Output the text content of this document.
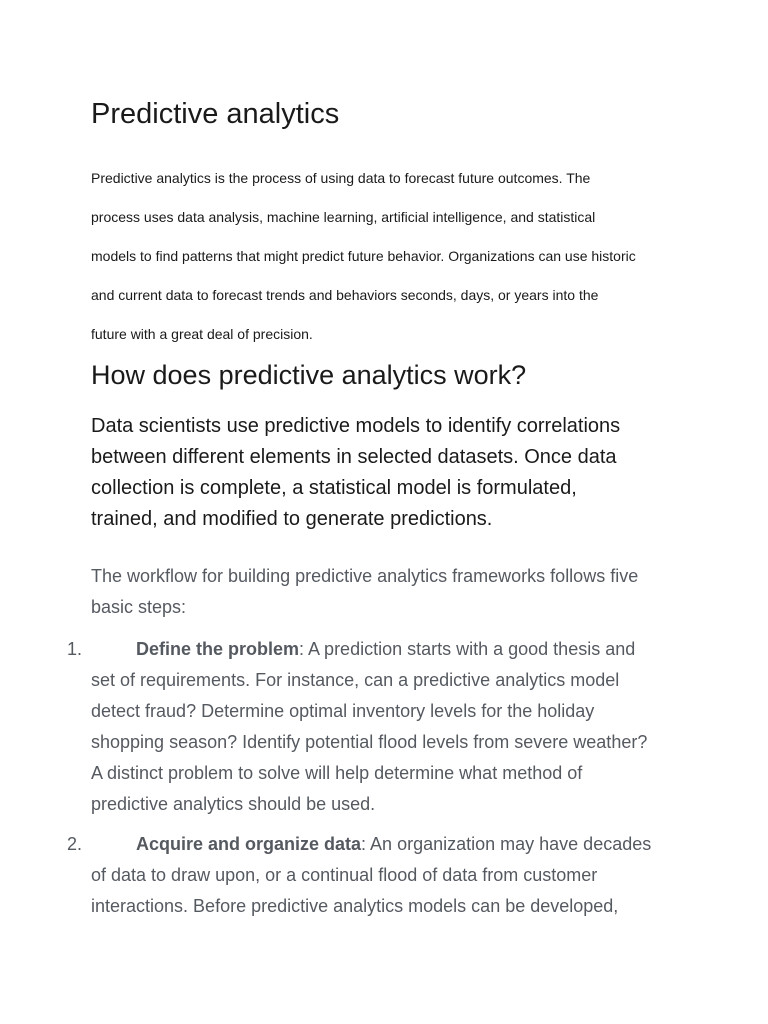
Predictive analytics

Predictive analytics is the process of using data to forecast future outcomes. The
process uses data analysis, machine learning, artificial intelligence, and statistical
models to find patterns that might predict future behavior. Organizations can use historic
and current data to forecast trends and behaviors seconds, days, or years into the
future with a great deal of precision.

How does predictive analytics work?

Data scientists use predictive models to identify correlations
between different elements in selected datasets. Once data
collection is complete, a statistical model is formulated,
trained, and modified to generate predictions.

The workflow for building predictive analytics frameworks follows five
basic steps:

1.	Define the problem: A prediction starts with a good thesis and
set of requirements. For instance, can a predictive analytics model
detect fraud? Determine optimal inventory levels for the holiday
shopping season? Identify potential flood levels from severe weather?
A distinct problem to solve will help determine what method of
predictive analytics should be used.
2.	Acquire and organize data: An organization may have decades
of data to draw upon, or a continual flood of data from customer
interactions. Before predictive analytics models can be developed,
